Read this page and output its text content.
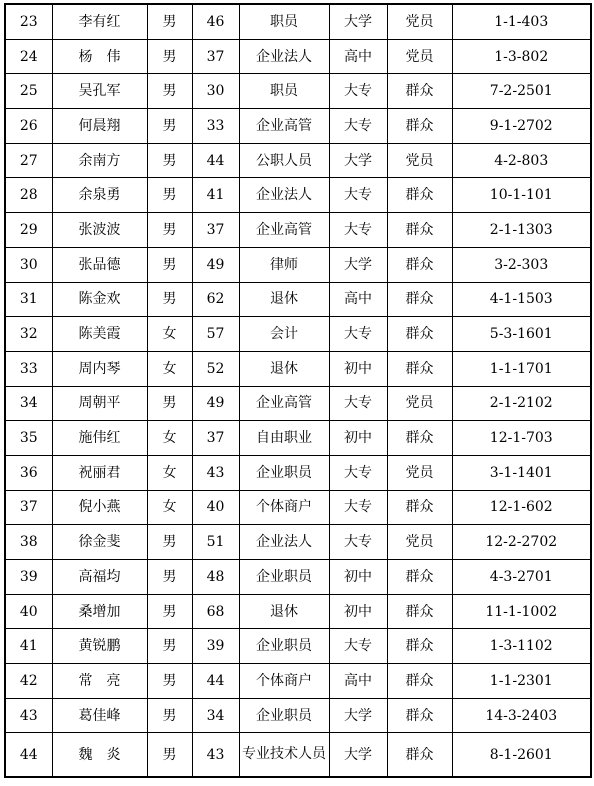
23	李有红	男	46	职员	大学	党员	1-1-403
24	杨　伟	男	37	企业法人	高中	党员	1-3-802
25	吴孔军	男	30	职员	大专	群众	7-2-2501
26	何晨翔	男	33	企业高管	大专	群众	9-1-2702
27	余南方	男	44	公职人员	大学	党员	4-2-803
28	余泉勇	男	41	企业法人	大专	群众	10-1-101
29	张波波	男	37	企业高管	大专	群众	2-1-1303
30	张品德	男	49	律师	大学	群众	3-2-303
31	陈金欢	男	62	退休	高中	群众	4-1-1503
32	陈美霞	女	57	会计	大专	群众	5-3-1601
33	周内琴	女	52	退休	初中	群众	1-1-1701
34	周朝平	男	49	企业高管	大专	党员	2-1-2102
35	施伟红	女	37	自由职业	初中	群众	12-1-703
36	祝丽君	女	43	企业职员	大专	党员	3-1-1401
37	倪小燕	女	40	个体商户	大专	群众	12-1-602
38	徐金斐	男	51	企业法人	大专	党员	12-2-2702
39	高福均	男	48	企业职员	初中	群众	4-3-2701
40	桑增加	男	68	退休	初中	群众	11-1-1002
41	黄锐鹏	男	39	企业职员	大专	群众	1-3-1102
42	常　亮	男	44	个体商户	高中	群众	1-1-2301
43	葛佳峰	男	34	企业职员	大学	群众	14-3-2403
44	魏　炎	男	43	专业技术人员	大学	群众	8-1-2601
